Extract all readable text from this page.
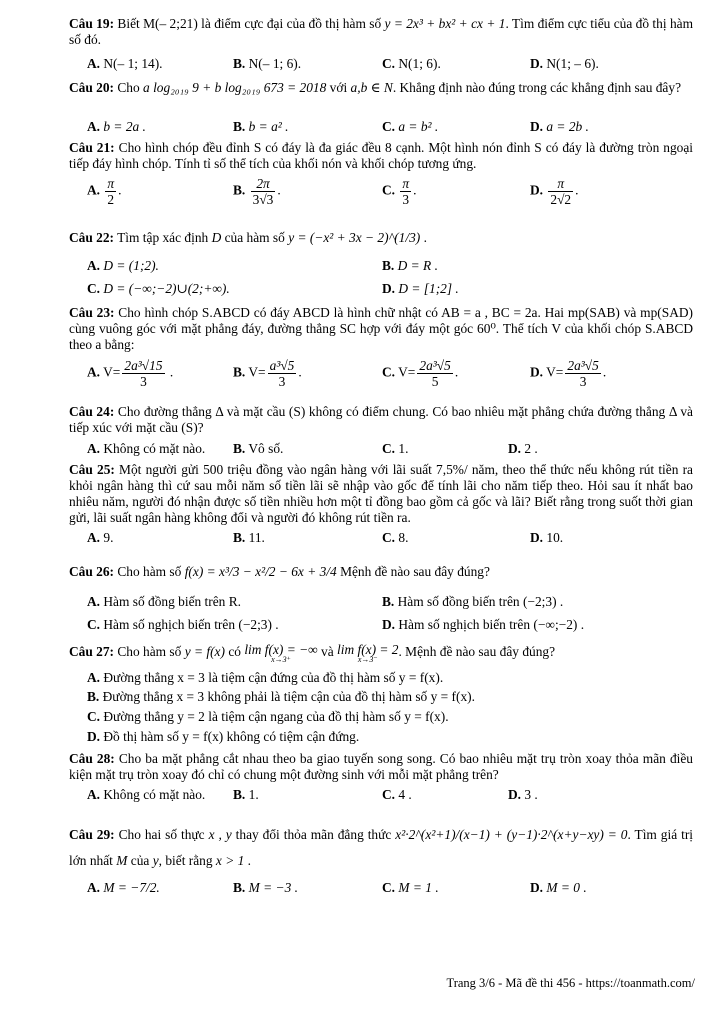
Câu 19: Biết M(– 2;21) là điểm cực đại của đồ thị hàm số y = 2x³ + bx² + cx + 1. Tìm điểm cực tiểu của đồ thị hàm số đó.
A. N(– 1; 14).	B. N(– 1; 6).	C. N(1; 6).	D. N(1; – 6).
Câu 20: Cho a log₂₀₁₉ 9 + b log₂₀₁₉ 673 = 2018 với a,b ∈ N. Khẳng định nào đúng trong các khẳng định sau đây?
A. b = 2a .	B. b = a² .	C. a = b² .	D. a = 2b .
Câu 21: Cho hình chóp đều đỉnh S có đáy là đa giác đều 8 cạnh. Một hình nón đỉnh S có đáy là đường tròn ngoại tiếp đáy hình chóp. Tính tỉ số thể tích của khối nón và khối chóp tương ứng.
A. $\frac{\pi}{2}$ .	B. $\frac{2\pi}{3√3}$ .	C. $\frac{\pi}{3}$ .	D. $\frac{\pi}{2√2}$ .
Câu 22: Tìm tập xác định D của hàm số y = (−x² + 3x − 2)^(1/3) .
A. D = (1;2).	B. D = R .
C. D = (−∞;−2)∪(2;+∞).	D. D = [1;2] .
Câu 23: Cho hình chóp S.ABCD có đáy ABCD là hình chữ nhật có AB = a , BC = 2a. Hai mp(SAB) và mp(SAD) cùng vuông góc với mặt phẳng đáy, đường thẳng SC hợp với đáy một góc 60⁰. Thể tích V của khối chóp S.ABCD theo a bằng:
A. $V= \frac{\text{2a³√15}}{3}$ .	B. $V= \frac{\text{a³√5}}{3}$ .	C. $V= \frac{\text{2a³√5}}{5}$ .	D. $V= \frac{\text{2a³√5}}{3}$ .
Câu 24: Cho đường thẳng Δ và mặt cầu (S) không có điểm chung. Có bao nhiêu mặt phẳng chứa đường thẳng Δ và tiếp xúc với mặt cầu (S)?
A. Không có mặt nào. B. Vô số.	C. 1.	D. 2 .
Câu 25: Một người gửi 500 triệu đồng vào ngân hàng với lãi suất 7,5%/ năm, theo thể thức nếu không rút tiền ra khỏi ngân hàng thì cứ sau mỗi năm số tiền lãi sẽ nhập vào gốc để tính lãi cho năm tiếp theo. Hỏi sau ít nhất bao nhiêu năm, người đó nhận được số tiền nhiều hơn một tỉ đồng bao gồm cả gốc và lãi? Biết rằng trong suốt thời gian gửi, lãi suất ngân hàng không đổi và người đó không rút tiền ra.
A. 9.	B. 11.	C. 8.	D. 10.
Câu 26: Cho hàm số f(x) = x³/3 − x²/2 − 6x + 3/4 Mệnh đề nào sau đây đúng?
A. Hàm số đồng biến trên R.	B. Hàm số đồng biến trên (−2;3) .
C. Hàm số nghịch biến trên (−2;3) .	D. Hàm số nghịch biến trên (−∞;−2) .
Câu 27: Cho hàm số y = f(x) có lim f(x) = −∞
x→3⁺
và lim f(x) = 2
x→3⁻
. Mệnh đề nào sau đây đúng?
A. Đường thẳng x = 3 là tiệm cận đứng của đồ thị hàm số y = f(x).
B. Đường thẳng x = 3 không phải là tiệm cận của đồ thị hàm số y = f(x).
C. Đường thẳng y = 2 là tiệm cận ngang của đồ thị hàm số y = f(x).
D. Đồ thị hàm số y = f(x) không có tiệm cận đứng.
Câu 28: Cho ba mặt phẳng cắt nhau theo ba giao tuyến song song. Có bao nhiêu mặt trụ tròn xoay thỏa mãn điều kiện mặt trụ tròn xoay đó chỉ có chung một đường sinh với mỗi mặt phẳng trên?
A. Không có mặt nào. B. 1.	C. 4 .	D. 3 .
Câu 29: Cho hai số thực x , y thay đổi thỏa mãn đẳng thức x²·2^(x²+1)/(x−1) + (y−1)·2^(x+y−xy) = 0. Tìm giá trị lớn nhất M của y, biết rằng x > 1 .
A. M = −7/2.	B. M = −3 .	C. M = 1 .	D. M = 0 .
Trang 3/6 - Mã đề thi 456 - https://toanmath.com/
